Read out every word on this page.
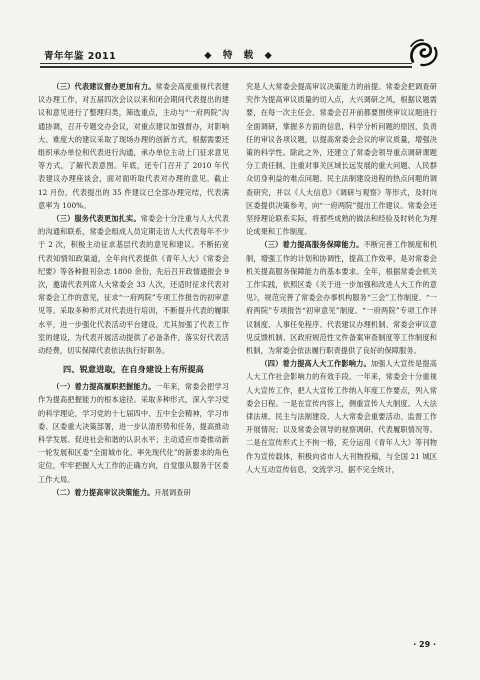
青年年鉴 2011	◆ 特 载 ◆

（三）代表建议督办更加有力。常委会高度重视代表建议办理工作，对五届四次会议以来和闭会期间代表提出的建议和意见进行了整理归类，筛选重点，主动与“一府两院”沟通协调，召开专题交办会议，对重点建议加强督办，对影响大、难度大的建议采取了现场办理的创新方式，根据需要还组织承办单位和代表进行沟通，承办单位主动上门征求意见等方式，了解代表意图。年底，还专门召开了 2010 年代表建议办理座谈会，面对面听取代表对办理的意见。截止 12 月份，代表提出的 35 件建议已全部办理完结，代表满意率为 100%。

（三）服务代表更加扎实。常委会十分注重与人大代表的沟通和联系，常委会组成人员定期走访人大代表每年不少于 2 次，积极主动征求基层代表的意见和建议。不断拓宽代表知情知政渠道，全年向代表提供《青年人大》《常委会纪要》等各种报刊杂志 1800 余份，先后召开政情通报会 9 次，邀请代表列席人大常委会 33 人次，还适时征求代表对常委会工作的意见，征求“一府两院”专项工作报告的初审意见等。采取多种形式对代表进行培训，不断提升代表的履职水平，进一步强化代表活动平台建设，尤其加强了代表工作室的建设，为代表开展活动提供了必备条件，落实好代表活动经费，切实保障代表依法执行好职务。

四、锐意进取，在自身建设上有所提高

（一）着力提高履职把握能力。一年来，常委会把学习作为提高把握能力的根本途径。采取多种形式，深入学习党的科学理论，学习党的十七届四中、五中全会精神，学习市委、区委重大决策部署，进一步认清形势和任务，提高推动科学发展、促进社会和谐的认识水平；主动适应市委推动新一轮发展和区委“全面城市化、率先现代化”的新要求的角色定位，牢牢把握人大工作的正确方向，自觉服从服务于区委工作大局。

（二）着力提高审议决策能力。开展调查研

究是人大常委会提高审议决策能力的前提。常委会把调查研究作为提高审议质量的切入点，大兴调研之风，根据议题需要，在每一次主任会、常委会召开前都要围绕审议议题进行全面调研，掌握多方面的信息，科学分析问题的原因，负责任的审议各项议题，以提高常委会会议的审议质量，增强决策的科学性。除此之外，还建立了常委会领导重点调研课题分工责任制，注重对事关区域长远发展的重大问题、人民群众切身利益的难点问题、民主法制建设进程的热点问题的调查研究，并以《人大信息》《调研与观察》等形式，及时向区委提供决策参考，向“一府两院”提出工作建议。常委会还坚持理论联系实际，将那些成熟的做法和经验及时转化为理论成果和工作制度。

（三）着力提高服务保障能力。不断完善工作制度和机制，增强工作的计划和协调性，提高工作效率，是对常委会机关提高服务保障能力的基本要求。全年，根据常委会机关工作实践，依照区委《关于进一步加强和改进人大工作的意见》，规范完善了常委会办事机构服务“三会”工作制度、“一府两院”专项报告“初审意见”制度、“一府两院”专项工作评议制度、人事任免程序、代表建议办理机制、常委会审议意见反馈机制、区政府规范性文件备案审查制度等工作制度和机制，为常委会依法履行职责提供了良好的保障服务。

（四）着力提高人大工作影响力。加强人大宣传是提高人大工作社会影响力的有效手段。一年来，常委会十分重视人大宣传工作，把人大宣传工作纳入年度工作要点，列入常委会日程。一是在宣传内容上，侧重宣传人大制度、人大法律法规、民主与法制建设、人大常委会重要活动、监督工作开展情况；以及常委会领导的视察调研、代表履职情况等。二是在宣传形式上不拘一格，充分运用《青年人大》等刊物作为宣传载体，积极向省市人大刊物投稿，与全国 21 城区人大互动宣传信息，交流学习，据不完全统计，

· 29 ·
